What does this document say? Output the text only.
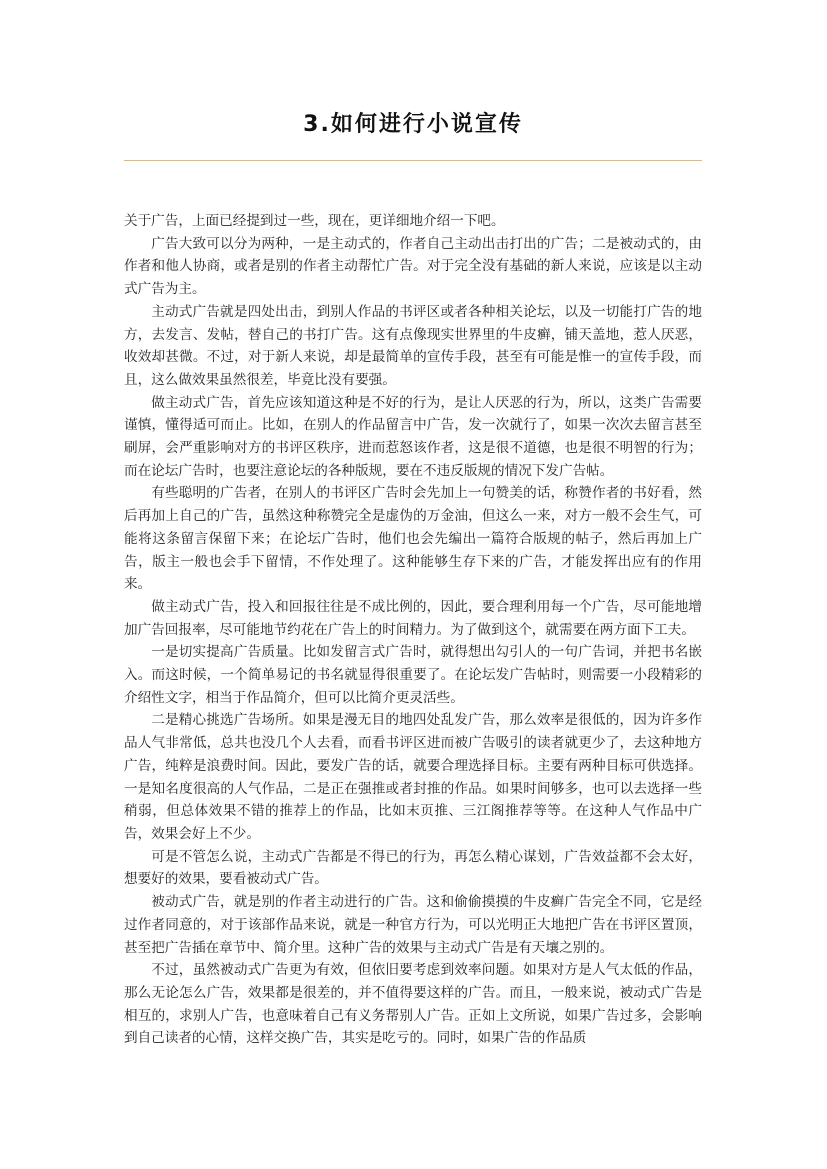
3.如何进行小说宣传

关于广告，上面已经提到过一些，现在，更详细地介绍一下吧。

广告大致可以分为两种，一是主动式的，作者自己主动出击打出的广告；二是被动式的，由作者和他人协商，或者是别的作者主动帮忙广告。对于完全没有基础的新人来说，应该是以主动式广告为主。

主动式广告就是四处出击，到别人作品的书评区或者各种相关论坛，以及一切能打广告的地方，去发言、发帖，替自己的书打广告。这有点像现实世界里的牛皮癣，铺天盖地，惹人厌恶，收效却甚微。不过，对于新人来说，却是最简单的宣传手段，甚至有可能是惟一的宣传手段，而且，这么做效果虽然很差，毕竟比没有要强。

做主动式广告，首先应该知道这种是不好的行为，是让人厌恶的行为，所以，这类广告需要谨慎，懂得适可而止。比如，在别人的作品留言中广告，发一次就行了，如果一次次去留言甚至刷屏，会严重影响对方的书评区秩序，进而惹怒该作者，这是很不道德，也是很不明智的行为；而在论坛广告时，也要注意论坛的各种版规，要在不违反版规的情况下发广告帖。

有些聪明的广告者，在别人的书评区广告时会先加上一句赞美的话，称赞作者的书好看，然后再加上自己的广告，虽然这种称赞完全是虚伪的万金油，但这么一来，对方一般不会生气，可能将这条留言保留下来；在论坛广告时，他们也会先编出一篇符合版规的帖子，然后再加上广告，版主一般也会手下留情，不作处理了。这种能够生存下来的广告，才能发挥出应有的作用来。

做主动式广告，投入和回报往往是不成比例的，因此，要合理利用每一个广告，尽可能地增加广告回报率，尽可能地节约花在广告上的时间精力。为了做到这个，就需要在两方面下工夫。

一是切实提高广告质量。比如发留言式广告时，就得想出勾引人的一句广告词，并把书名嵌入。而这时候，一个简单易记的书名就显得很重要了。在论坛发广告帖时，则需要一小段精彩的介绍性文字，相当于作品简介，但可以比简介更灵活些。

二是精心挑选广告场所。如果是漫无目的地四处乱发广告，那么效率是很低的，因为许多作品人气非常低，总共也没几个人去看，而看书评区进而被广告吸引的读者就更少了，去这种地方广告，纯粹是浪费时间。因此，要发广告的话，就要合理选择目标。主要有两种目标可供选择。一是知名度很高的人气作品，二是正在强推或者封推的作品。如果时间够多，也可以去选择一些稍弱，但总体效果不错的推荐上的作品，比如末页推、三江阁推荐等等。在这种人气作品中广告，效果会好上不少。

可是不管怎么说，主动式广告都是不得已的行为，再怎么精心谋划，广告效益都不会太好，想要好的效果，要看被动式广告。

被动式广告，就是别的作者主动进行的广告。这和偷偷摸摸的牛皮癣广告完全不同，它是经过作者同意的，对于该部作品来说，就是一种官方行为，可以光明正大地把广告在书评区置顶，甚至把广告插在章节中、简介里。这种广告的效果与主动式广告是有天壤之别的。

不过，虽然被动式广告更为有效，但依旧要考虑到效率问题。如果对方是人气太低的作品，那么无论怎么广告，效果都是很差的，并不值得要这样的广告。而且，一般来说，被动式广告是相互的，求别人广告，也意味着自己有义务帮别人广告。正如上文所说，如果广告过多，会影响到自己读者的心情，这样交换广告，其实是吃亏的。同时，如果广告的作品质
